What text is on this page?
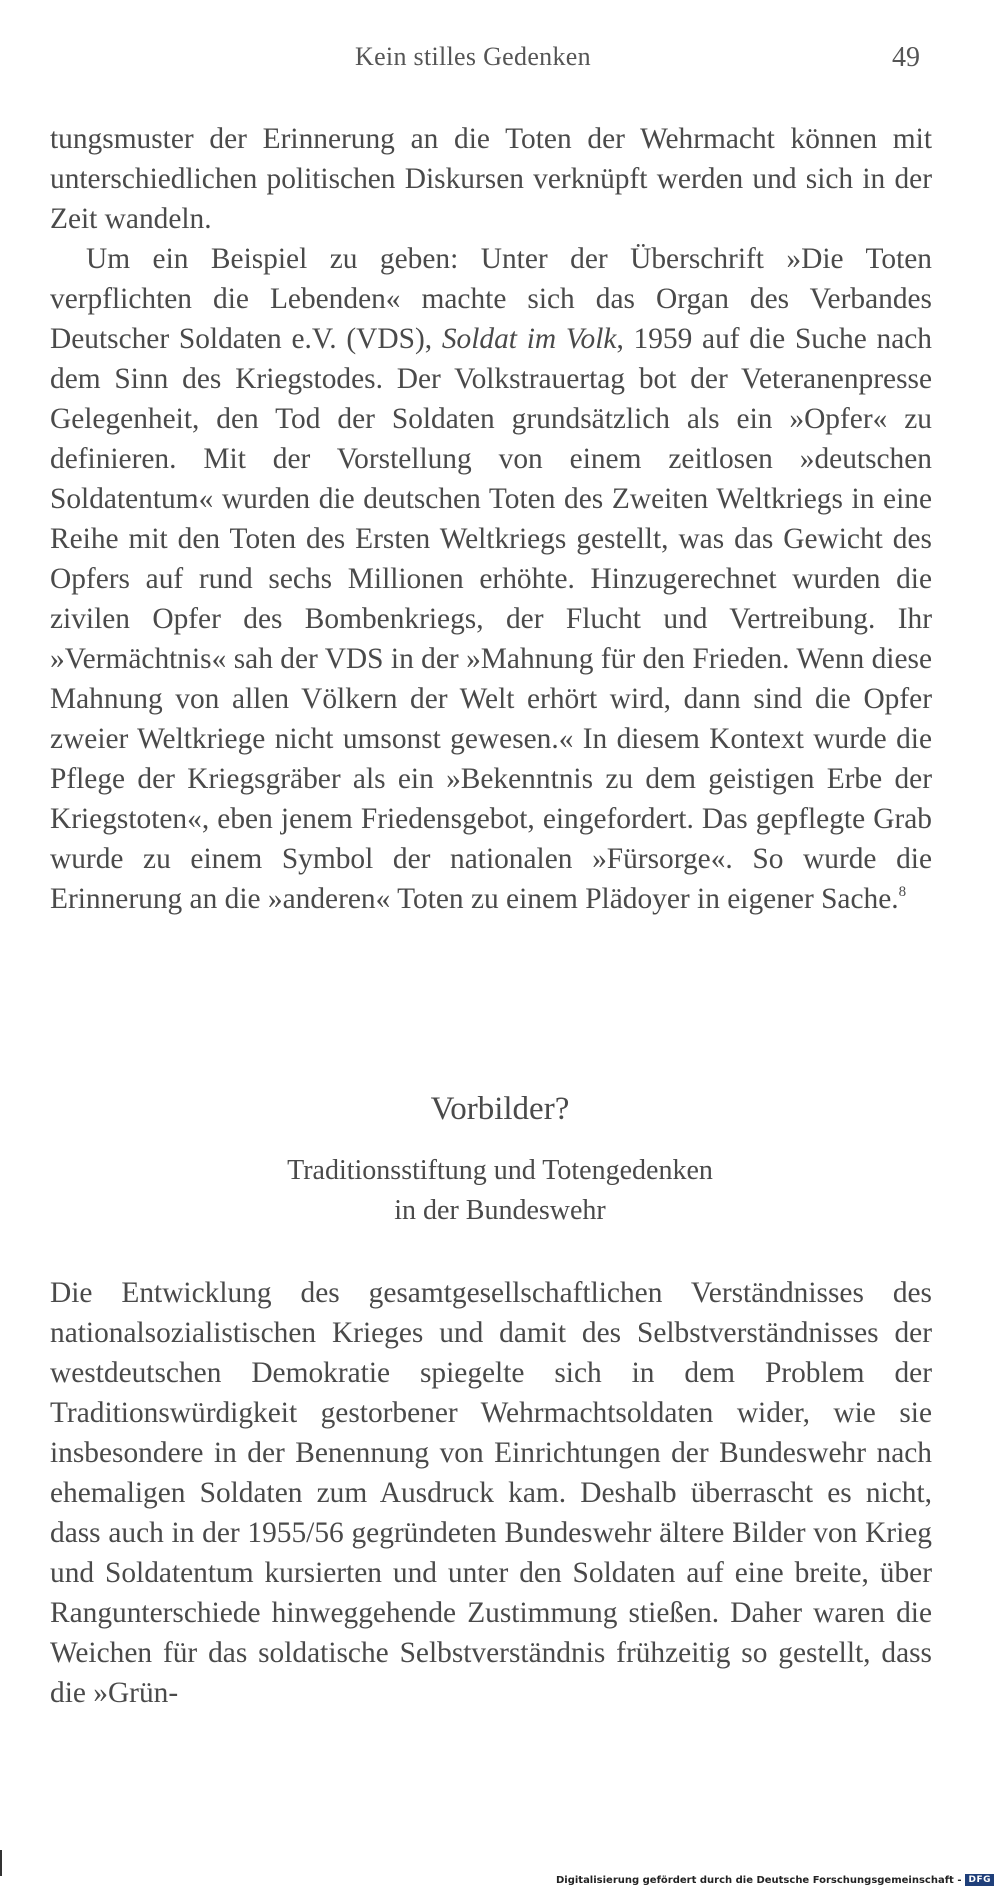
Kein stilles Gedenken	49

tungsmuster der Erinnerung an die Toten der Wehrmacht können mit unterschiedlichen politischen Diskursen verknüpft werden und sich in der Zeit wandeln.

Um ein Beispiel zu geben: Unter der Überschrift »Die Toten verpflichten die Lebenden« machte sich das Organ des Verbandes Deutscher Soldaten e.V. (VDS), Soldat im Volk, 1959 auf die Suche nach dem Sinn des Kriegstodes. Der Volkstrauertag bot der Veteranenpresse Gelegenheit, den Tod der Soldaten grundsätzlich als ein »Opfer« zu definieren. Mit der Vorstellung von einem zeitlosen »deutschen Soldatentum« wurden die deutschen Toten des Zweiten Weltkriegs in eine Reihe mit den Toten des Ersten Weltkriegs gestellt, was das Gewicht des Opfers auf rund sechs Millionen erhöhte. Hinzugerechnet wurden die zivilen Opfer des Bombenkriegs, der Flucht und Vertreibung. Ihr »Vermächtnis« sah der VDS in der »Mahnung für den Frieden. Wenn diese Mahnung von allen Völkern der Welt erhört wird, dann sind die Opfer zweier Weltkriege nicht umsonst gewesen.« In diesem Kontext wurde die Pflege der Kriegsgräber als ein »Bekenntnis zu dem geistigen Erbe der Kriegstoten«, eben jenem Friedensgebot, eingefordert. Das gepflegte Grab wurde zu einem Symbol der nationalen »Fürsorge«. So wurde die Erinnerung an die »anderen« Toten zu einem Plädoyer in eigener Sache.$^8$

Vorbilder?
Traditionsstiftung und Totengedenken
in der Bundeswehr

Die Entwicklung des gesamtgesellschaftlichen Verständnisses des nationalsozialistischen Krieges und damit des Selbstverständnisses der westdeutschen Demokratie spiegelte sich in dem Problem der Traditionswürdigkeit gestorbener Wehrmachtsoldaten wider, wie sie insbesondere in der Benennung von Einrichtungen der Bundeswehr nach ehemaligen Soldaten zum Ausdruck kam. Deshalb überrascht es nicht, dass auch in der 1955/56 gegründeten Bundeswehr ältere Bilder von Krieg und Soldatentum kursierten und unter den Soldaten auf eine breite, über Rangunterschiede hinweggehende Zustimmung stießen. Daher waren die Weichen für das soldatische Selbstverständnis frühzeitig so gestellt, dass die »Grün-

Digitalisierung gefördert durch die Deutsche Forschungsgemeinschaft - DFG
